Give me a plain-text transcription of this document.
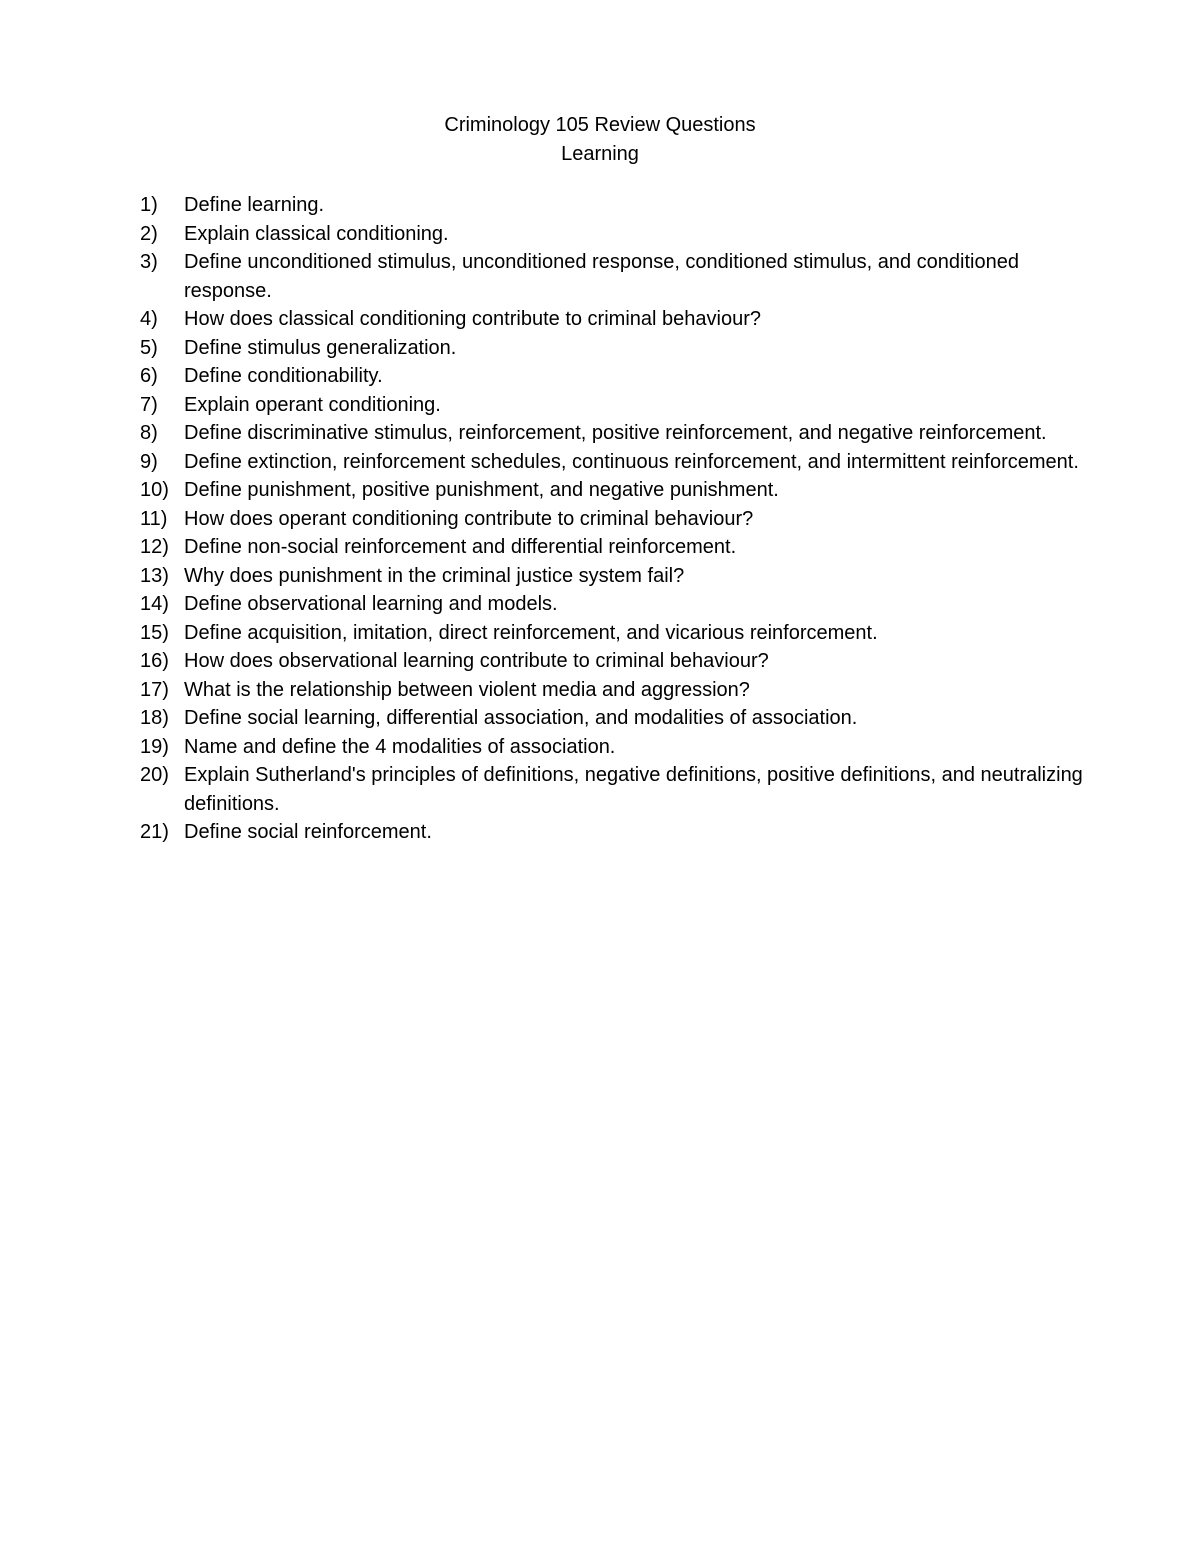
Criminology 105 Review Questions
Learning
1)	Define learning.
2)	Explain classical conditioning.
3)	Define unconditioned stimulus, unconditioned response, conditioned stimulus, and conditioned response.
4)	How does classical conditioning contribute to criminal behaviour?
5)	Define stimulus generalization.
6)	Define conditionability.
7)	Explain operant conditioning.
8)	Define discriminative stimulus, reinforcement, positive reinforcement, and negative reinforcement.
9)	Define extinction, reinforcement schedules, continuous reinforcement, and intermittent reinforcement.
10) Define punishment, positive punishment, and negative punishment.
11) How does operant conditioning contribute to criminal behaviour?
12) Define non-social reinforcement and differential reinforcement.
13) Why does punishment in the criminal justice system fail?
14) Define observational learning and models.
15) Define acquisition, imitation, direct reinforcement, and vicarious reinforcement.
16) How does observational learning contribute to criminal behaviour?
17) What is the relationship between violent media and aggression?
18) Define social learning, differential association, and modalities of association.
19) Name and define the 4 modalities of association.
20) Explain Sutherland's principles of definitions, negative definitions, positive definitions, and neutralizing definitions.
21) Define social reinforcement.
